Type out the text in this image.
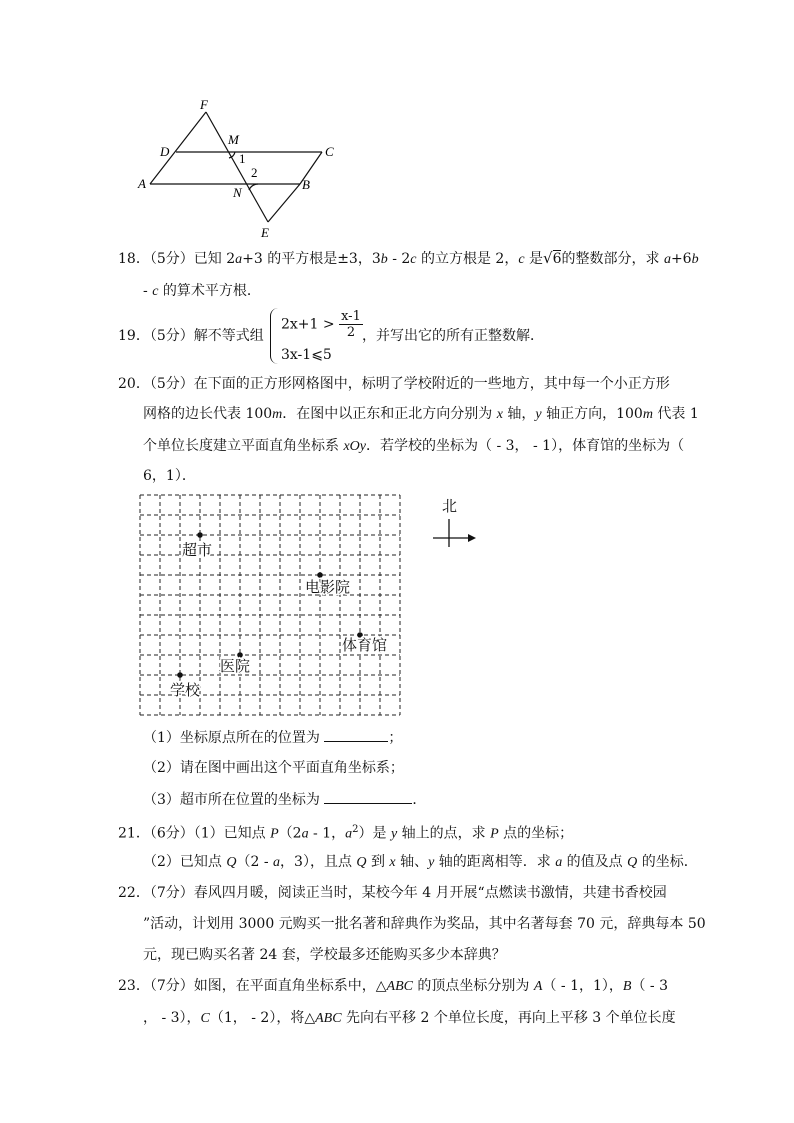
F
M
D	C
1
2
A
N
B
E
18．（5分）已知 2a+3 的平方根是±3，3b - 2c 的立方根是 2，c 是√6的整数部分，求 a+6b
- c 的算术平方根．
19．（5分）解不等式组
$2x+1 > \frac{x-1}{2}$
3x-1⩽5
，并写出它的所有正整数解．
20．（5分）在下面的正方形网格图中，标明了学校附近的一些地方，其中每一个小正方形
网格的边长代表 100m．在图中以正东和正北方向分别为 x 轴，y 轴正方向，100m 代表 1
个单位长度建立平面直角坐标系 xOy．若学校的坐标为（ - 3， - 1），体育馆的坐标为（
6，1）．
超市
电影院
体育馆
医院
学校
北
（1）坐标原点所在的位置为	；
（2）请在图中画出这个平面直角坐标系；
（3）超市所在位置的坐标为	．
21．（6分）（1）已知点 P（2a - 1，$a^2$）是 y 轴上的点，求 P 点的坐标；
（2）已知点 Q（2 - a，3），且点 Q 到 x 轴、y 轴的距离相等．求 a 的值及点 Q 的坐标．
22．（7分）春风四月暖，阅读正当时，某校今年 4 月开展“点燃读书激情，共建书香校园
”活动，计划用 3000 元购买一批名著和辞典作为奖品，其中名著每套 70 元，辞典每本 50
元，现已购买名著 24 套，学校最多还能购买多少本辞典？
23．（7分）如图，在平面直角坐标系中，△ABC 的顶点坐标分别为 A（ - 1，1），B（ - 3
， - 3），C（1， - 2），将△ABC 先向右平移 2 个单位长度，再向上平移 3 个单位长度
